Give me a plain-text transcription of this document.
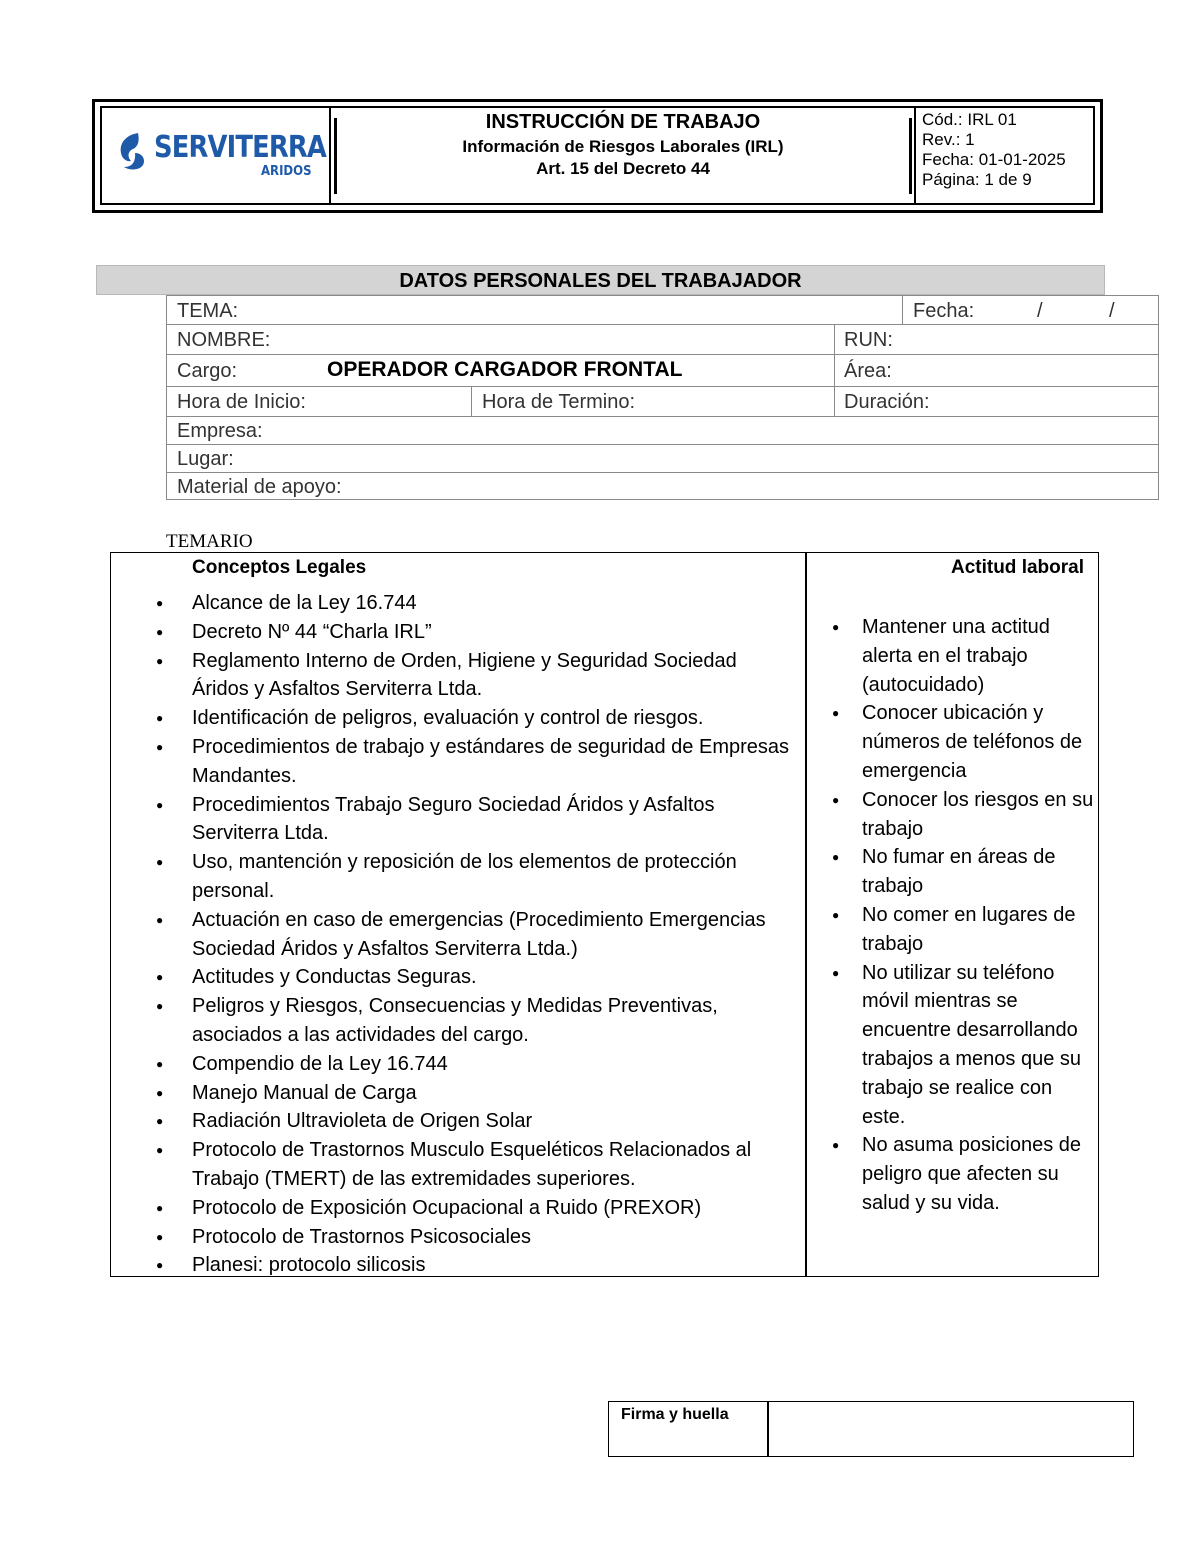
SERVITERRA
ARIDOS
INSTRUCCIÓN DE TRABAJO
Información de Riesgos Laborales (IRL)
Art. 15 del Decreto 44
Cód.: IRL 01
Rev.: 1
Fecha: 01-01-2025
Página: 1 de 9
DATOS PERSONALES DEL TRABAJADOR
TEMA:	Fecha:	/	/
NOMBRE:	RUN:
Cargo:	OPERADOR CARGADOR FRONTAL	Área:
Hora de Inicio:	Hora de Termino:	Duración:
Empresa:
Lugar:
Material de apoyo:
TEMARIO
Conceptos Legales
● Alcance de la Ley 16.744
● Decreto Nº 44 “Charla IRL”
● Reglamento Interno de Orden, Higiene y Seguridad Sociedad Áridos y Asfaltos Serviterra Ltda.
● Identificación de peligros, evaluación y control de riesgos.
● Procedimientos de trabajo y estándares de seguridad de Empresas Mandantes.
● Procedimientos Trabajo Seguro Sociedad Áridos y Asfaltos Serviterra Ltda.
● Uso, mantención y reposición de los elementos de protección personal.
● Actuación en caso de emergencias (Procedimiento Emergencias Sociedad Áridos y Asfaltos Serviterra Ltda.)
● Actitudes y Conductas Seguras.
● Peligros y Riesgos, Consecuencias y Medidas Preventivas, asociados a las actividades del cargo.
● Compendio de la Ley 16.744
● Manejo Manual de Carga
● Radiación Ultravioleta de Origen Solar
● Protocolo de Trastornos Musculo Esqueléticos Relacionados al Trabajo (TMERT) de las extremidades superiores.
● Protocolo de Exposición Ocupacional a Ruido (PREXOR)
● Protocolo de Trastornos Psicosociales
● Planesi: protocolo silicosis
Actitud laboral
● Mantener una actitud alerta en el trabajo (autocuidado)
● Conocer ubicación y números de teléfonos de emergencia
● Conocer los riesgos en su trabajo
● No fumar en áreas de trabajo
● No comer en lugares de trabajo
● No utilizar su teléfono móvil mientras se encuentre desarrollando trabajos a menos que su trabajo se realice con este.
● No asuma posiciones de peligro que afecten su salud y su vida.
Firma y huella
